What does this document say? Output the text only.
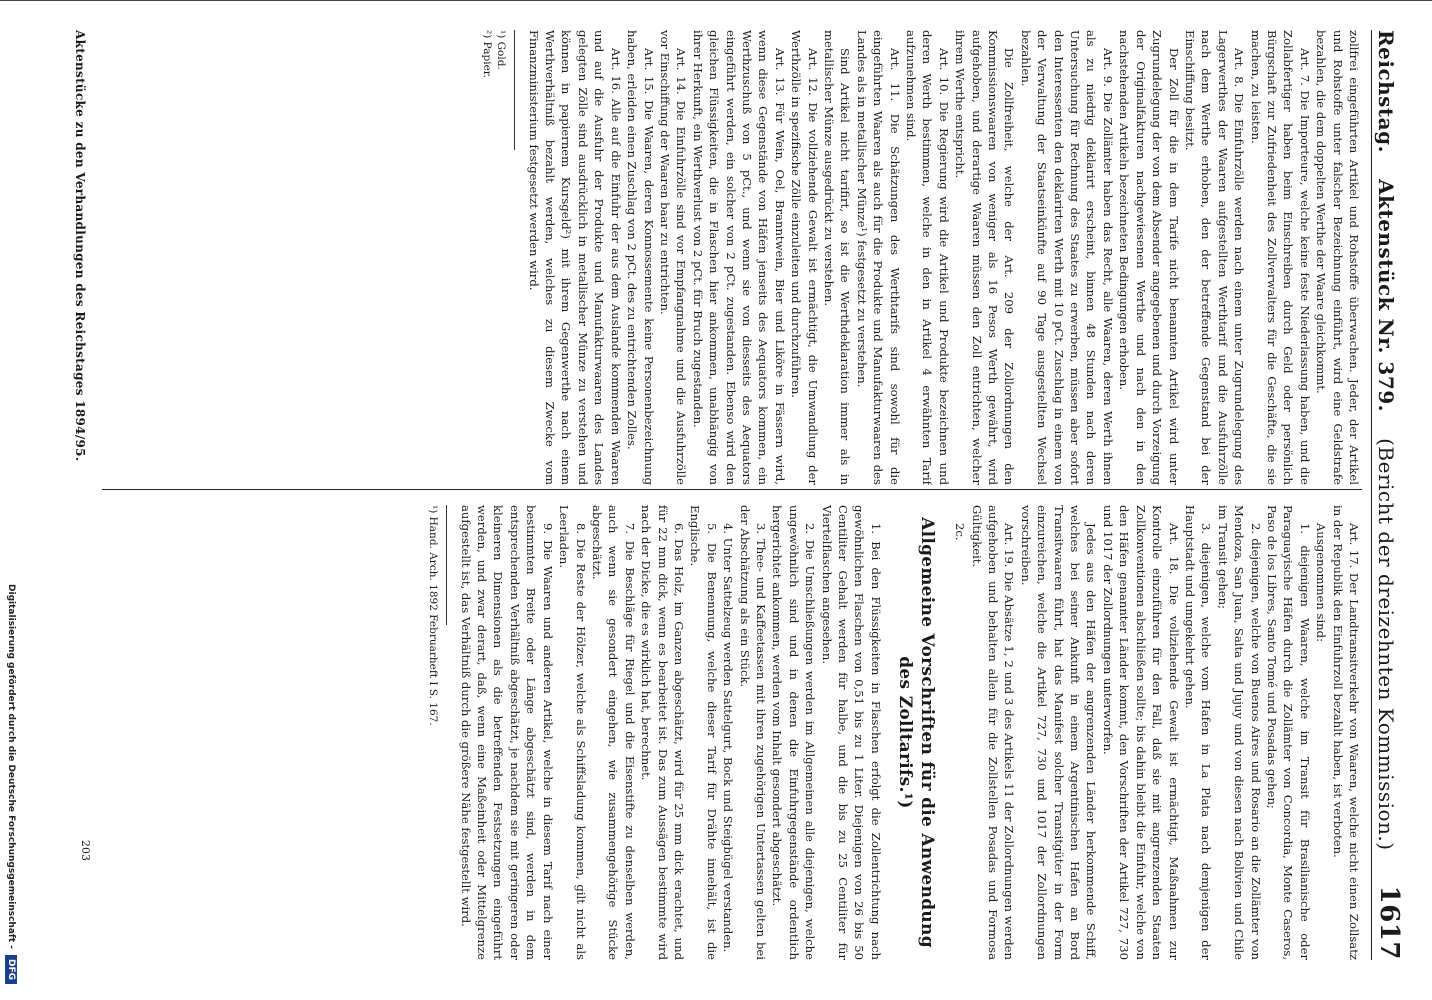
Reichstag.
Aktenstück Nr. 379.
(Bericht der dreizehnten Kommission.)
1617

zollfrei eingeführten Artikel und Rohstoffe überwachen. Jeder, der Artikel und Rohstoffe unter falscher Bezeichnung einführt, wird eine Geldstrafe bezahlen, die dem doppelten Werthe der Waare gleichkommt.

Art. 7. Die Importeure, welche keine feste Niederlassung haben, und die Zollabfertiger haben beim Einschreiben durch Geld oder persönlich Bürgschaft zur Zufriedenheit des Zollverwalters für die Geschäfte, die sie machen, zu leisten.

Art. 8. Die Einfuhrzölle werden nach einem unter Zugrundelegung des Lagerwerthes der Waaren aufgestellten Werthtarif und die Ausfuhrzölle nach dem Werthe erhoben, den der betreffende Gegenstand bei der Einschiffung besitzt.

Der Zoll für die in dem Tarife nicht benannten Artikel wird unter Zugrundelegung der von dem Absender angegebenen und durch Vorzeigung der Originalfakturen nachgewiesenen Werthe und nach den in den nachstehenden Artikeln bezeichneten Bedingungen erhoben.

Art. 9. Die Zollämter haben das Recht, alle Waaren, deren Werth ihnen als zu niedrig deklarirt erscheint, binnen 48 Stunden nach deren Untersuchung für Rechnung des Staates zu erwerben, müssen aber sofort den Interessenten den deklarirten Werth mit 10 pCt. Zuschlag in einem von der Verwaltung der Staatseinkünfte auf 90 Tage ausgestellten Wechsel bezahlen.

Die Zollfreiheit, welche der Art. 209 der Zollordnungen den Kommissionswaaren von weniger als 16 Pesos Werth gewährt, wird aufgehoben, und derartige Waaren müssen den Zoll entrichten, welcher ihrem Werthe entspricht.

Art. 10. Die Regierung wird die Artikel und Produkte bezeichnen und deren Werth bestimmen, welche in den in Artikel 4 erwähnten Tarif aufzunehmen sind.

Art. 11. Die Schätzungen des Werthtarifs sind sowohl für die eingeführten Waaren als auch für die Produkte und Manufakturwaaren des Landes als in metallischer Münze¹) festgesetzt zu verstehen.

Sind Artikel nicht tarifirt, so ist die Werthdeklaration immer als in metallischer Münze ausgedrückt zu verstehen.

Art. 12. Die vollziehende Gewalt ist ermächtigt, die Umwandlung der Werthzölle in spezifische Zölle einzuleiten und durchzuführen.

Art. 13. Für Wein, Oel, Branntwein, Bier und Liköre in Fässern wird, wenn diese Gegenstände von Häfen jenseits des Aequators kommen, ein Werthzuschuß von 5 pCt., und wenn sie von diesseits des Aequators eingeführt werden, ein solcher von 2 pCt. zugestanden. Ebenso wird den gleichen Flüssigkeiten, die in Flaschen hier ankommen, unabhängig von ihrer Herkunft, ein Werthverlust von 2 pCt. für Bruch zugestanden.

Art. 14. Die Einfuhrzölle sind vor Empfangnahme und die Ausfuhrzölle vor Einschiffung der Waaren baar zu entrichten.

Art. 15. Die Waaren, deren Konnossemente keine Personenbezeichnung haben, erleiden einen Zuschlag von 2 pCt. des zu entrichtenden Zolles.

Art. 16. Alle auf die Einfuhr der aus dem Auslande kommenden Waaren und auf die Ausfuhr der Produkte und Manufakturwaaren des Landes gelegten Zölle sind ausdrücklich in metallischer Münze zu verstehen und können in papiernem Kursgeld²) mit ihrem Gegenwerthe nach einem Werthverhältniß bezahlt werden, welches zu diesem Zwecke vom Finanzministerium festgesetzt werden wird.

¹) Gold.

²) Papier.

Art. 17. Der Landtransitverkehr von Waaren, welche nicht einen Zollsatz in der Republik den Einfuhrzoll bezahlt haben, ist verboten.

Ausgenommen sind:

1. diejenigen Waaren, welche im Transit für Brasilianische oder Paraguayische Häfen durch die Zollämter von Concordia, Monte Caseros, Paso de los Libres, Santo Tomé und Posadas gehen;

2. diejenigen, welche von Buenos Aires und Rosario an die Zollämter von Mendoza, San Juan, Salta und Jujuy und von diesen nach Bolivien und Chile im Transit gehen;

3. diejenigen, welche vom Hafen in La Plata nach demjenigen der Hauptstadt und umgekehrt gehen.

Art. 18. Die vollziehende Gewalt ist ermächtigt, Maßnahmen zur Kontrolle einzuführen für den Fall, daß sie mit angrenzenden Staaten Zollkonventionen abschließen sollte; bis dahin bleibt die Einfuhr, welche von den Häfen genannter Länder kommt, den Vorschriften der Artikel 727, 730 und 1017 der Zollordnungen unterworfen.

Jedes aus den Häfen der angrenzenden Länder herkommende Schiff, welches bei seiner Ankunft in einem Argentinischen Hafen an Bord Transitwaaren führt, hat das Manifest solcher Transitgüter in der Form einzureichen, welche die Artikel 727, 730 und 1017 der Zollordnungen vorschreiben.

Art. 19. Die Absätze 1, 2 und 3 des Artikels 11 der Zollordnungen werden aufgehoben und behalten allein für die Zollstellen Posadas und Formosa Gültigkeit.

2c.

Allgemeine Vorschriften für die Anwendung des Zolltarifs.¹)

1. Bei den Flüssigkeiten in Flaschen erfolgt die Zollentrichtung nach gewöhnlichen Flaschen von 0,51 bis zu 1 Liter. Diejenigen von 26 bis 50 Centiliter Gehalt werden für halbe, und die bis zu 25 Centiliter für Viertelflaschen angesehen.

2. Die Umschließungen werden im Allgemeinen alle diejenigen, welche ungewöhnlich sind und in denen die Einfuhrgegenstände ordentlich hergerichtet ankommen, werden vom Inhalt gesondert abgeschätzt.

3. Thee- und Kaffeetassen mit ihren zugehörigen Untertassen gelten bei der Abschätzung als ein Stück.

4. Unter Sattelzeug werden Sattelgurt, Bock und Steigbügel verstanden.

5. Die Benennung, welche dieser Tarif für Drähte innehält, ist die Englische.

6. Das Holz, im Ganzen abgeschätzt, wird für 25 mm dick erachtet, und für 22 mm dick, wenn es bearbeitet ist. Das zum Aussägen bestimmte wird nach der Dicke, die es wirklich hat, berechnet.

7. Die Beschläge für Riegel und die Eisenstifte zu denselben werden, auch wenn sie gesondert eingehen, wie zusammengehörige Stücke abgeschätzt.

8. Die Reste der Hölzer, welche als Schiffsladung kommen, gilt nicht als Leerladen.

9. Die Waaren und anderen Artikel, welche in diesem Tarif nach einer bestimmten Breite oder Länge abgeschätzt sind, werden in dem entsprechenden Verhältniß abgeschätzt, je nachdem sie mit geringeren oder kleineren Dimensionen als die betreffenden Festsetzungen eingeführt werden, und zwar derart, daß, wenn eine Maßeinheit oder Mittelgrenze aufgestellt ist, das Verhältniß durch die größere Nähe festgestellt wird.

¹) Hand. Arch. 1892 Februarheft I S. 167.

Aktenstücke zu den Verhandlungen des Reichstages 1894/95.
203
Digitalisierung gefördert durch die Deutsche Forschungsgemeinschaft -
DFG
